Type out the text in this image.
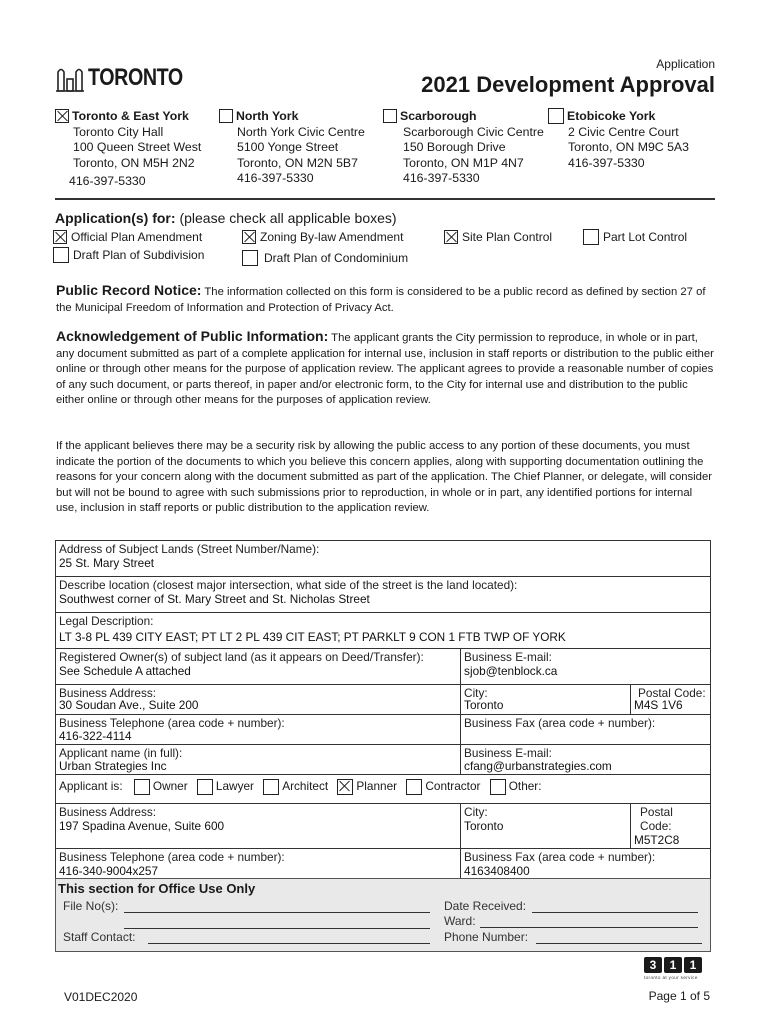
TORONTO	Application
2021 Development Approval
Toronto & East York
Toronto City Hall
100 Queen Street West
Toronto, ON M5H 2N2
416-397-5330
North York
North York Civic Centre
5100 Yonge Street
Toronto, ON M2N 5B7
416-397-5330
Scarborough
Scarborough Civic Centre
150 Borough Drive
Toronto, ON M1P 4N7
416-397-5330
Etobicoke York
2 Civic Centre Court
Toronto, ON M9C 5A3
416-397-5330
Application(s) for: (please check all applicable boxes)
Official Plan Amendment	Zoning By-law Amendment	Site Plan Control	Part Lot Control
Draft Plan of Subdivision	Draft Plan of Condominium
Public Record Notice: The information collected on this form is considered to be a public record as defined by section 27 of the Municipal Freedom of Information and Protection of Privacy Act.
Acknowledgement of Public Information: The applicant grants the City permission to reproduce, in whole or in part, any document submitted as part of a complete application for internal use, inclusion in staff reports or distribution to the public either online or through other means for the purpose of application review. The applicant agrees to provide a reasonable number of copies of any such document, or parts thereof, in paper and/or electronic form, to the City for internal use and distribution to the public either online or through other means for the purposes of application review.
If the applicant believes there may be a security risk by allowing the public access to any portion of these documents, you must indicate the portion of the documents to which you believe this concern applies, along with supporting documentation outlining the reasons for your concern along with the document submitted as part of the application. The Chief Planner, or delegate, will consider but will not be bound to agree with such submissions prior to reproduction, in whole or in part, any identified portions for internal use, inclusion in staff reports or public distribution to the application review.
Address of Subject Lands (Street Number/Name):
25 St. Mary Street		

Describe location (closest major intersection, what side of the street is the land located):
Southwest corner of St. Mary Street and St. Nicholas Street		

Legal Description:
LT 3-8 PL 439 CITY EAST; PT LT 2 PL 439 CIT EAST; PT PARKLT 9 CON 1 FTB TWP OF YORK		

Registered Owner(s) of subject land (as it appears on Deed/Transfer):
See Schedule A attached	Business E-mail:
sjob@tenblock.ca	

Business Address:
30 Soudan Ave., Suite 200	City:
Toronto	Postal Code:
M4S 1V6

Business Telephone (area code + number):
416-322-4114	Business Fax (area code + number):	

Applicant name (in full):
Urban Strategies Inc	Business E-mail:
cfang@urbanstrategies.com	

Applicant is: Owner Lawyer Architect Planner Contractor Other:		

Business Address:
197 Spadina Avenue, Suite 600	City:
Toronto	Postal Code:
M5T2C8

Business Telephone (area code + number):
416-340-9004x257	Business Fax (area code + number):
4163408400	
This section for Office Use Only
File No(s):
Staff Contact:
Date Received:
Ward:
Phone Number:
3	1	1
toronto at your service
V01DEC2020	Page 1 of 5
